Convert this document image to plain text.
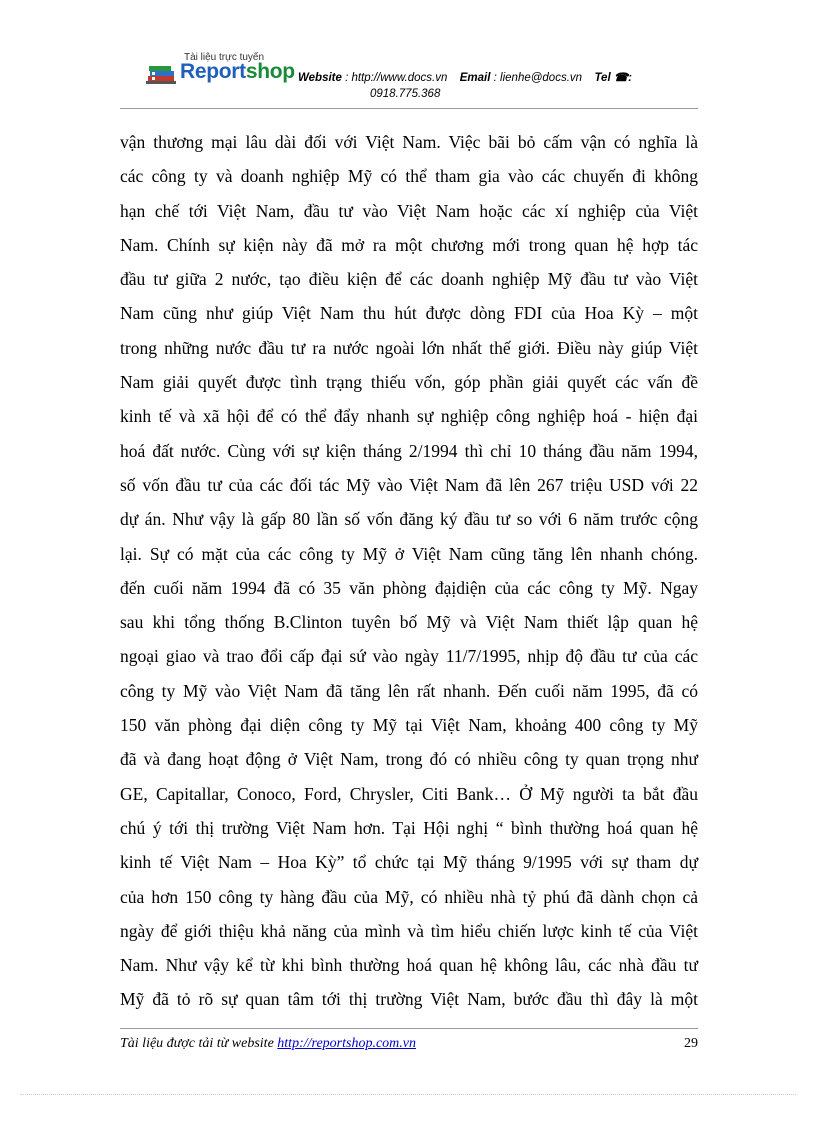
Tài liệu trực tuyến
Reportshop Website : http://www.docs.vn Email : lienhe@docs.vn Tel ☎:
0918.775.368

vận thương mại lâu dài đối với Việt Nam. Việc bãi bỏ cấm vận có nghĩa là

các công ty và doanh nghiệp Mỹ có thể tham gia vào các chuyến đi không

hạn chế tới Việt Nam, đầu tư vào Việt Nam hoặc các xí nghiệp của Việt

Nam. Chính sự kiện này đã mở ra một chương mới trong quan hệ hợp tác

đầu tư giữa 2 nước, tạo điều kiện để các doanh nghiệp Mỹ đầu tư vào Việt

Nam cũng như giúp Việt Nam thu hút được dòng FDI của Hoa Kỳ – một

trong những nước đầu tư ra nước ngoài lớn nhất thế giới. Điều này giúp Việt

Nam giải quyết được tình trạng thiếu vốn, góp phần giải quyết các vấn đề

kinh tế và xã hội để có thể đẩy nhanh sự nghiệp công nghiệp hoá - hiện đại

hoá đất nước. Cùng với sự kiện tháng 2/1994 thì chỉ 10 tháng đầu năm 1994,

số vốn đầu tư của các đối tác Mỹ vào Việt Nam đã lên 267 triệu USD với 22

dự án. Như vậy là gấp 80 lần số vốn đăng ký đầu tư so với 6 năm trước cộng

lại. Sự có mặt của các công ty Mỹ ở Việt Nam cũng tăng lên nhanh chóng.

đến cuối năm 1994 đã có 35 văn phòng đạịdiện của các công ty Mỹ. Ngay

sau khi tổng thống B.Clinton tuyên bố Mỹ và Việt Nam thiết lập quan hệ

ngoại giao và trao đổi cấp đại sứ vào ngày 11/7/1995, nhịp độ đầu tư của các

công ty Mỹ vào Việt Nam đã tăng lên rất nhanh. Đến cuối năm 1995, đã có

150 văn phòng đại diện công ty Mỹ tại Việt Nam, khoảng 400 công ty Mỹ

đã và đang hoạt động ở Việt Nam, trong đó có nhiều công ty quan trọng như

GE, Capitallar, Conoco, Ford, Chrysler, Citi Bank… Ở Mỹ người ta bắt đầu

chú ý tới thị trường Việt Nam hơn. Tại Hội nghị “ bình thường hoá quan hệ

kinh tế Việt Nam – Hoa Kỳ” tổ chức tại Mỹ tháng 9/1995 với sự tham dự

của hơn 150 công ty hàng đầu của Mỹ, có nhiều nhà tỷ phú đã dành chọn cả

ngày để giới thiệu khả năng của mình và tìm hiểu chiến lược kinh tế của Việt

Nam. Như vậy kể từ khi bình thường hoá quan hệ không lâu, các nhà đầu tư

Mỹ đã tỏ rõ sự quan tâm tới thị trường Việt Nam, bước đầu thì đây là một

Tài liệu được tải từ website http://reportshop.com.vn	29
